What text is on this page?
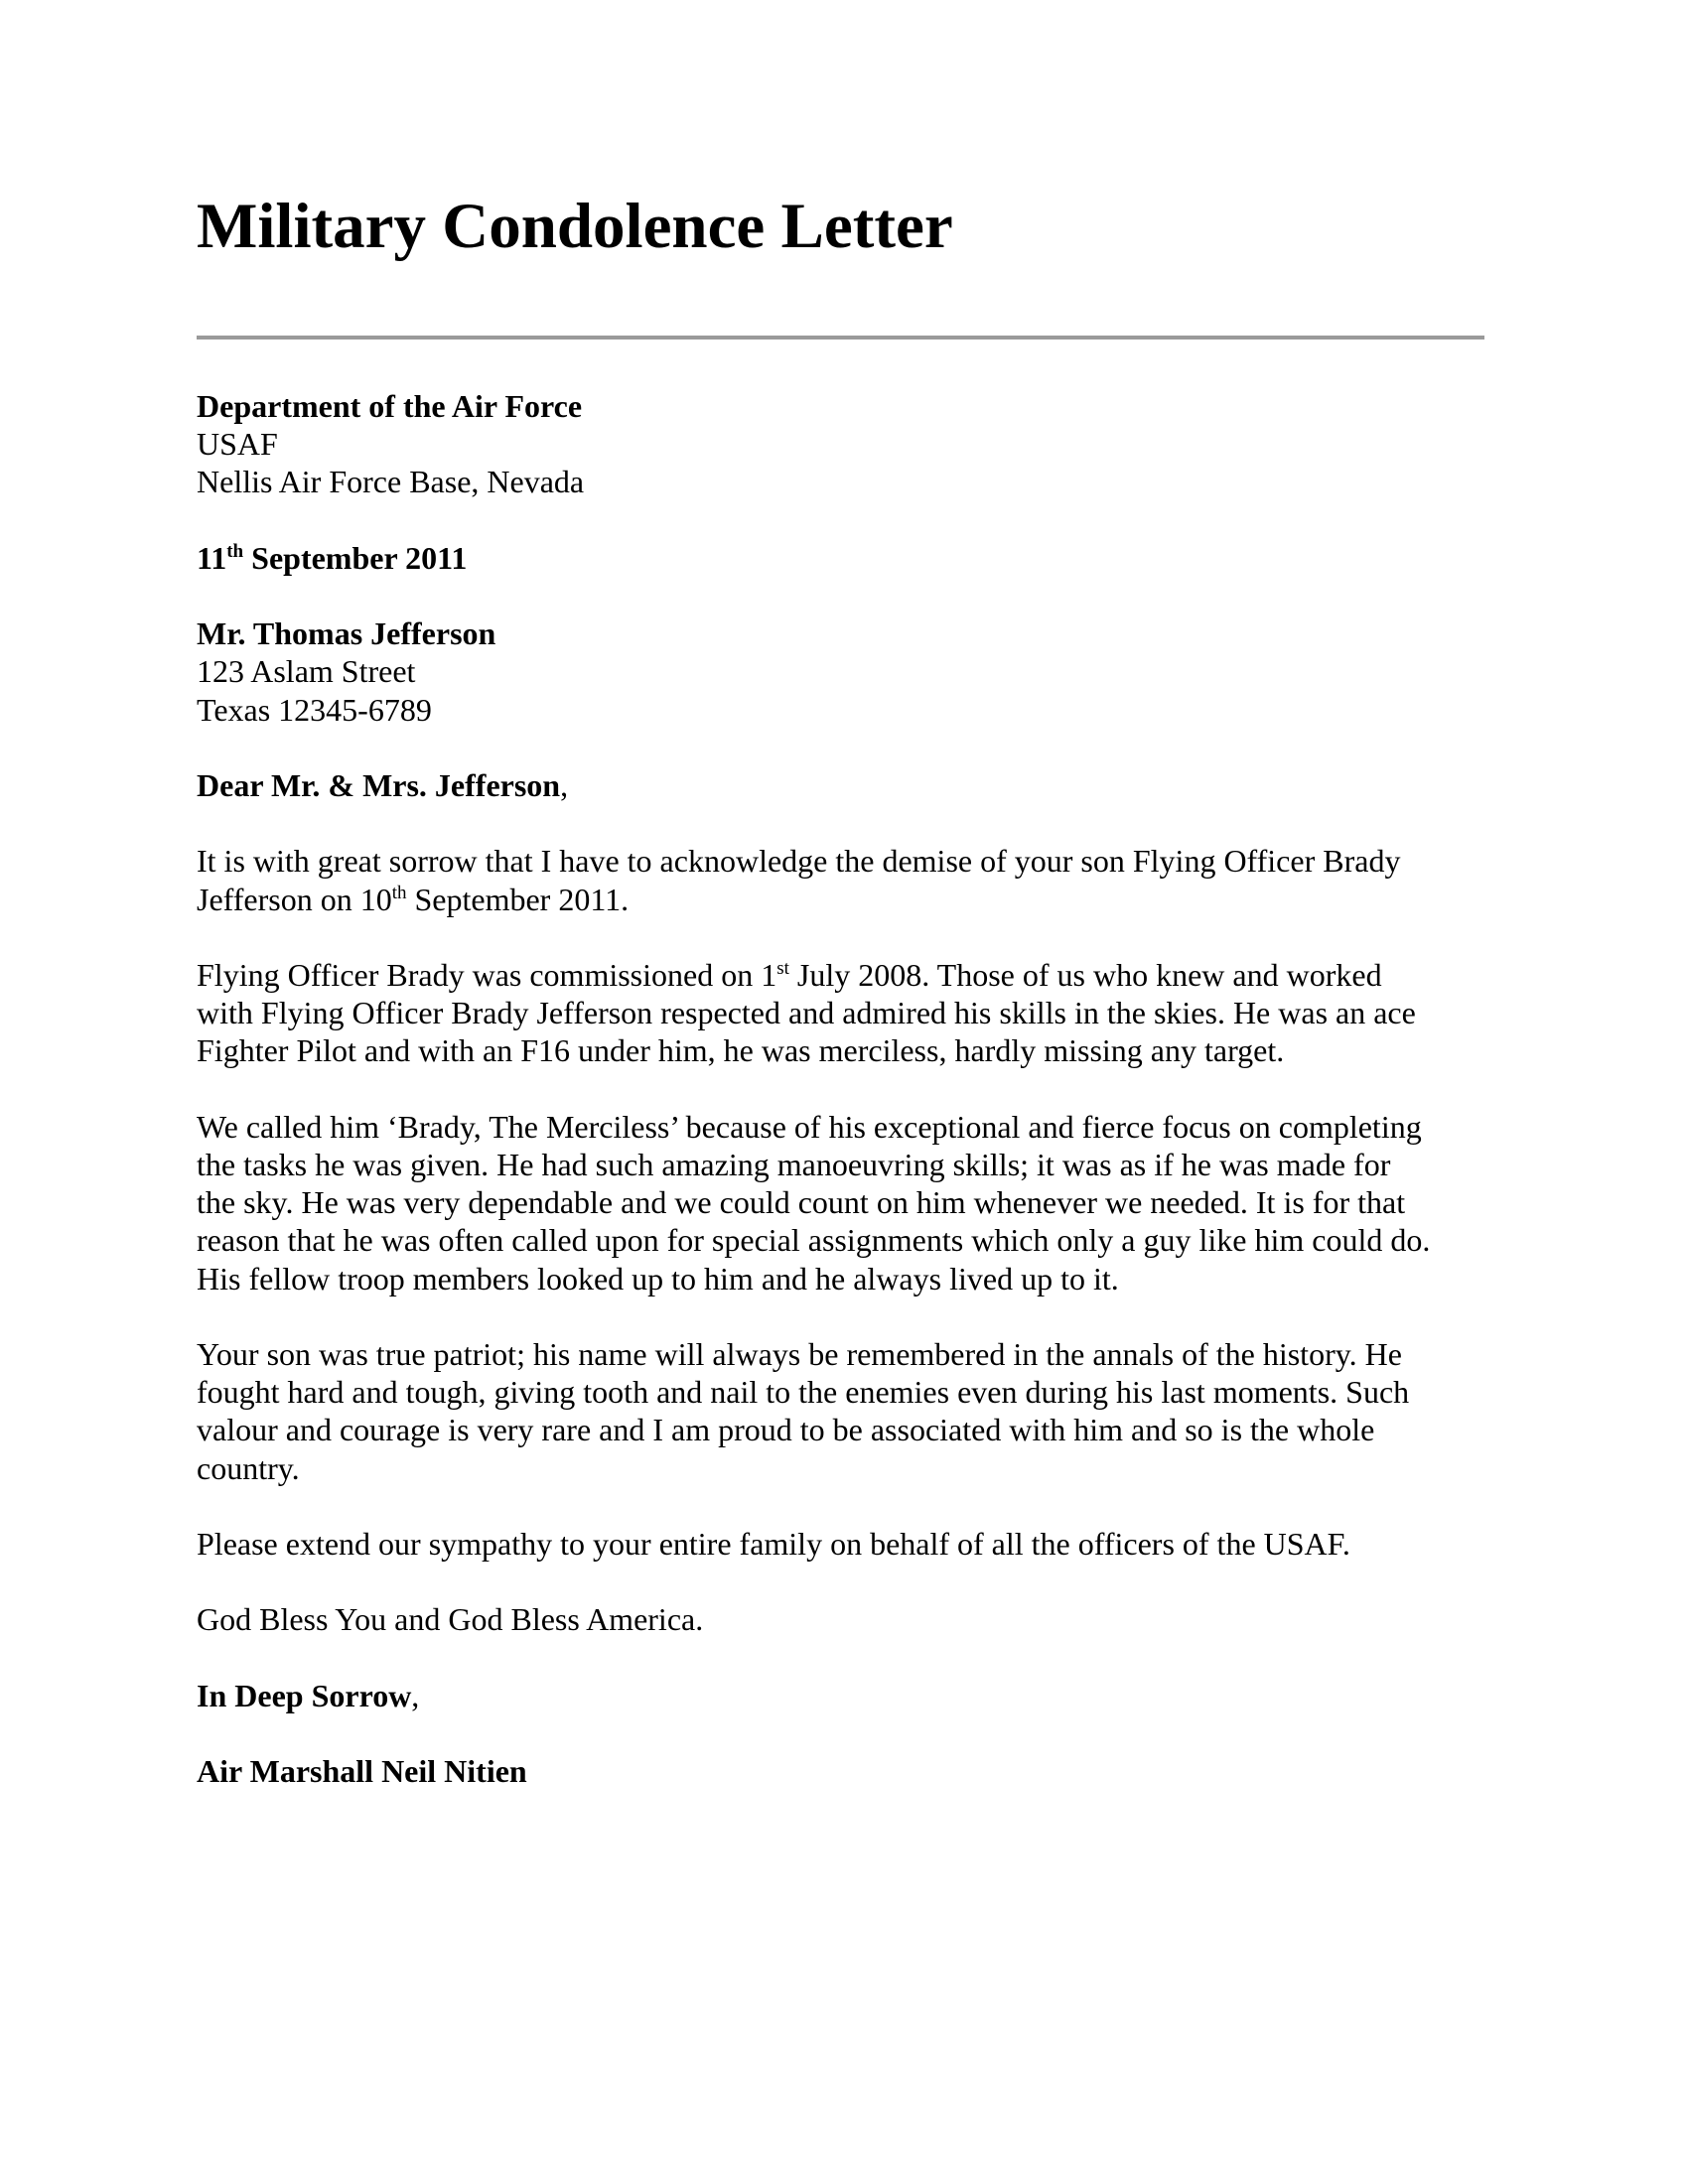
Military Condolence Letter
Department of the Air Force
USAF
Nellis Air Force Base, Nevada
11th September 2011
Mr. Thomas Jefferson
123 Aslam Street
Texas 12345-6789
Dear Mr. & Mrs. Jefferson,
It is with great sorrow that I have to acknowledge the demise of your son Flying Officer Brady
Jefferson on 10th September 2011.
Flying Officer Brady was commissioned on 1st July 2008. Those of us who knew and worked
with Flying Officer Brady Jefferson respected and admired his skills in the skies. He was an ace
Fighter Pilot and with an F16 under him, he was merciless, hardly missing any target.
We called him ‘Brady, The Merciless’ because of his exceptional and fierce focus on completing
the tasks he was given. He had such amazing manoeuvring skills; it was as if he was made for
the sky. He was very dependable and we could count on him whenever we needed. It is for that
reason that he was often called upon for special assignments which only a guy like him could do.
His fellow troop members looked up to him and he always lived up to it.
Your son was true patriot; his name will always be remembered in the annals of the history. He
fought hard and tough, giving tooth and nail to the enemies even during his last moments. Such
valour and courage is very rare and I am proud to be associated with him and so is the whole
country.
Please extend our sympathy to your entire family on behalf of all the officers of the USAF.
God Bless You and God Bless America.
In Deep Sorrow,
Air Marshall Neil Nitien
